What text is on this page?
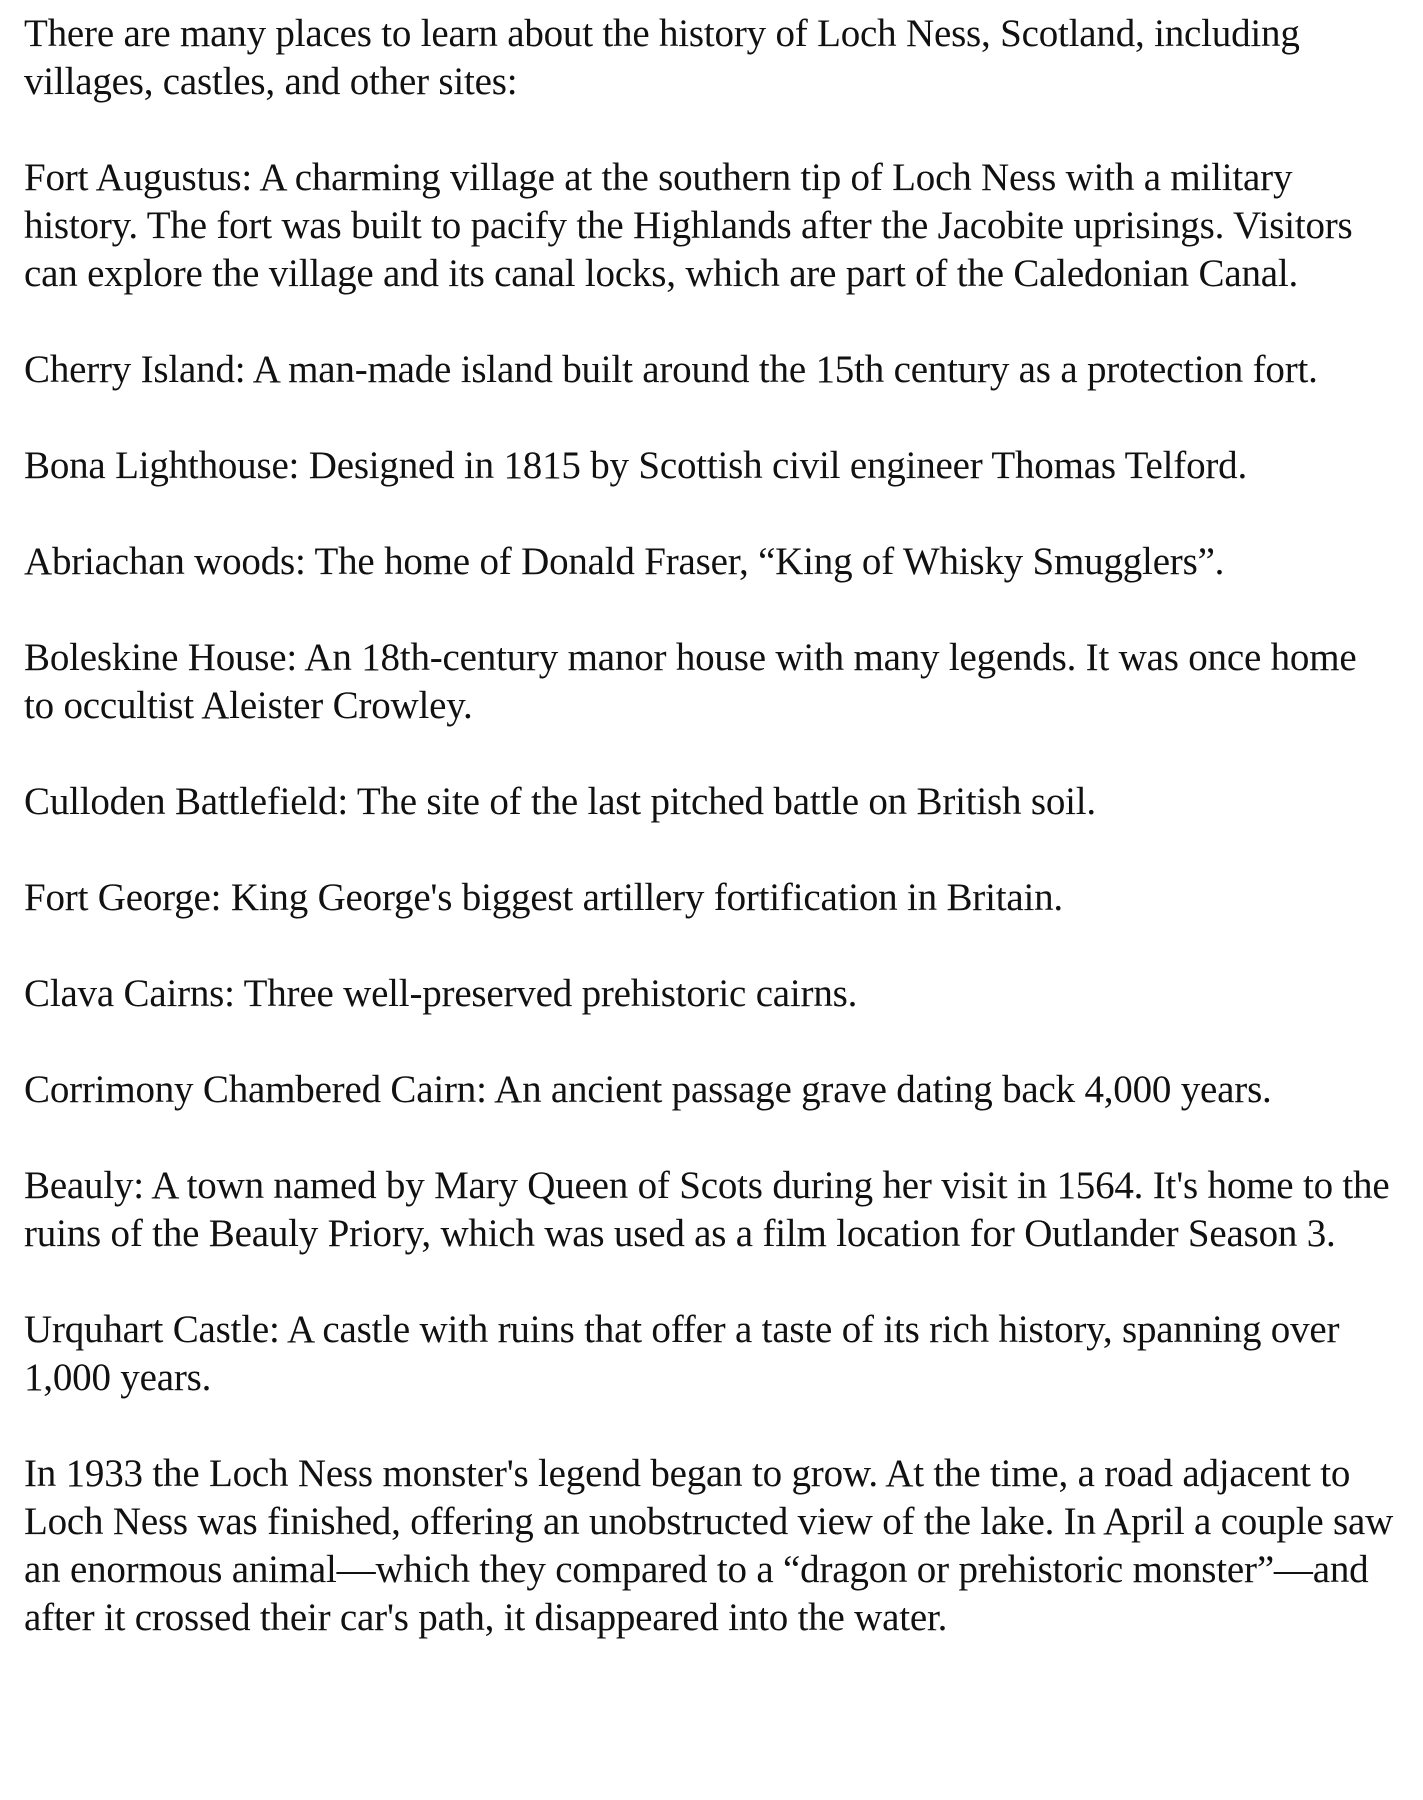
There are many places to learn about the history of Loch Ness, Scotland, including villages, castles, and other sites:

Fort Augustus: A charming village at the southern tip of Loch Ness with a military history. The fort was built to pacify the Highlands after the Jacobite uprisings. Visitors can explore the village and its canal locks, which are part of the Caledonian Canal.

Cherry Island: A man-made island built around the 15th century as a protection fort.

Bona Lighthouse: Designed in 1815 by Scottish civil engineer Thomas Telford.

Abriachan woods: The home of Donald Fraser, “King of Whisky Smugglers”.

Boleskine House: An 18th-century manor house with many legends. It was once home to occultist Aleister Crowley.

Culloden Battlefield: The site of the last pitched battle on British soil.

Fort George: King George's biggest artillery fortification in Britain.

Clava Cairns: Three well-preserved prehistoric cairns.

Corrimony Chambered Cairn: An ancient passage grave dating back 4,000 years.

Beauly: A town named by Mary Queen of Scots during her visit in 1564. It's home to the ruins of the Beauly Priory, which was used as a film location for Outlander Season 3.

Urquhart Castle: A castle with ruins that offer a taste of its rich history, spanning over 1,000 years.

In 1933 the Loch Ness monster's legend began to grow. At the time, a road adjacent to Loch Ness was finished, offering an unobstructed view of the lake. In April a couple saw an enormous animal—which they compared to a “dragon or prehistoric monster”—and after it crossed their car's path, it disappeared into the water.
